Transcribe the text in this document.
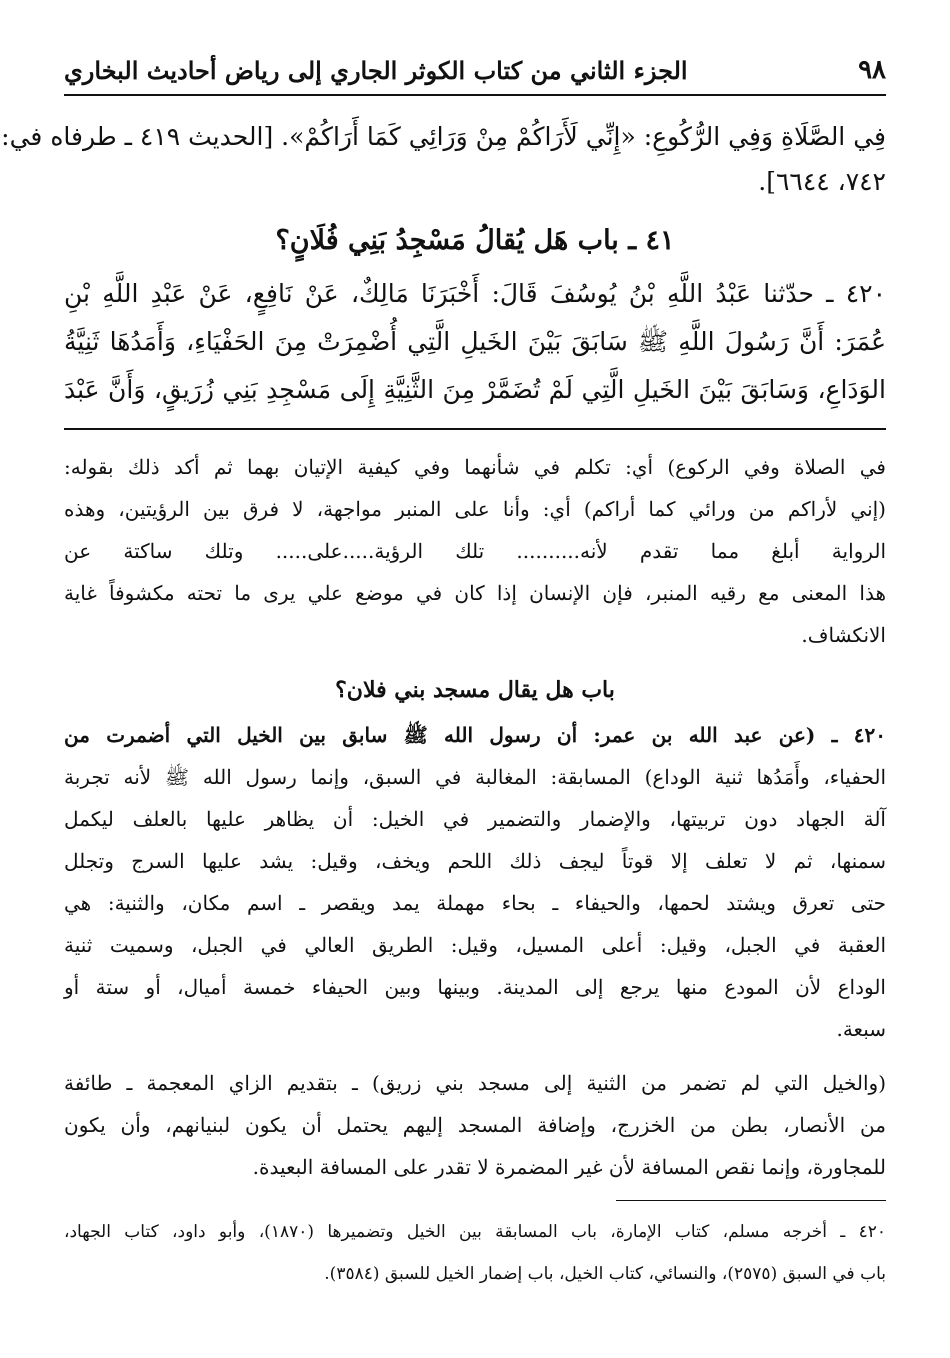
٩٨
الجزء الثاني من كتاب الكوثر الجاري إلى رياض أحاديث البخاري
فِي الصَّلَاةِ وَفِي الرُّكُوعِ: «إِنِّي لَأَرَاكُمْ مِنْ وَرَائِي كَمَا أَرَاكُمْ». [الحديث ٤١٩ ـ طرفاه في:
٧٤٢، ٦٦٤٤].
٤١ ـ باب هَل يُقالُ مَسْجِدُ بَنِي فُلَانٍ؟
٤٢٠ ـ حدّثنا عَبْدُ اللَّهِ بْنُ يُوسُفَ قَالَ: أَخْبَرَنَا مَالِكٌ، عَنْ نَافِعٍ، عَنْ عَبْدِ اللَّهِ بْنِ
عُمَرَ: أَنَّ رَسُولَ اللَّهِ ﷺ سَابَقَ بَيْنَ الخَيلِ الَّتِي أُضْمِرَتْ مِنَ الحَفْيَاءِ، وَأَمَدُهَا ثَنِيَّةُ
الوَدَاعِ، وَسَابَقَ بَيْنَ الخَيلِ الَّتِي لَمْ تُضَمَّرْ مِنَ الثَّنِيَّةِ إِلَى مَسْجِدِ بَنِي زُرَيقٍ، وَأَنَّ عَبْدَ
في الصلاة وفي الركوع) أي: تكلم في شأنهما وفي كيفية الإتيان بهما ثم أكد ذلك بقوله:
(إني لأراكم من ورائي كما أراكم) أي: وأنا على المنبر مواجهة، لا فرق بين الرؤيتين، وهذه
الرواية أبلغ مما تقدم لأنه.......... تلك الرؤية.....على..... وتلك ساكتة عن
هذا المعنى مع رقيه المنبر، فإن الإنسان إذا كان في موضع علي يرى ما تحته مكشوفاً غاية
الانكشاف.
باب هل يقال مسجد بني فلان؟
٤٢٠ ـ (عن عبد الله بن عمر: أن رسول الله ﷺ سابق بين الخيل التي أضمرت من
الحفياء، وأَمَدُها ثنية الوداع) المسابقة: المغالبة في السبق، وإنما رسول الله ﷺ لأنه تجربة
آلة الجهاد دون تربيتها، والإضمار والتضمير في الخيل: أن يظاهر عليها بالعلف ليكمل
سمنها، ثم لا تعلف إلا قوتاً ليجف ذلك اللحم ويخف، وقيل: يشد عليها السرج وتجلل
حتى تعرق ويشتد لحمها، والحيفاء ـ بحاء مهملة يمد ويقصر ـ اسم مكان، والثنية: هي
العقبة في الجبل، وقيل: أعلى المسيل، وقيل: الطريق العالي في الجبل، وسميت ثنية
الوداع لأن المودع منها يرجع إلى المدينة. وبينها وبين الحيفاء خمسة أميال، أو ستة أو
سبعة.
(والخيل التي لم تضمر من الثنية إلى مسجد بني زريق) ـ بتقديم الزاي المعجمة ـ طائفة
من الأنصار، بطن من الخزرج، وإضافة المسجد إليهم يحتمل أن يكون لبنيانهم، وأن يكون
للمجاورة، وإنما نقص المسافة لأن غير المضمرة لا تقدر على المسافة البعيدة.
٤٢٠ ـ أخرجه مسلم، كتاب الإمارة، باب المسابقة بين الخيل وتضميرها (١٨٧٠)، وأبو داود، كتاب الجهاد،
باب في السبق (٢٥٧٥)، والنسائي، كتاب الخيل، باب إضمار الخيل للسبق (٣٥٨٤).
